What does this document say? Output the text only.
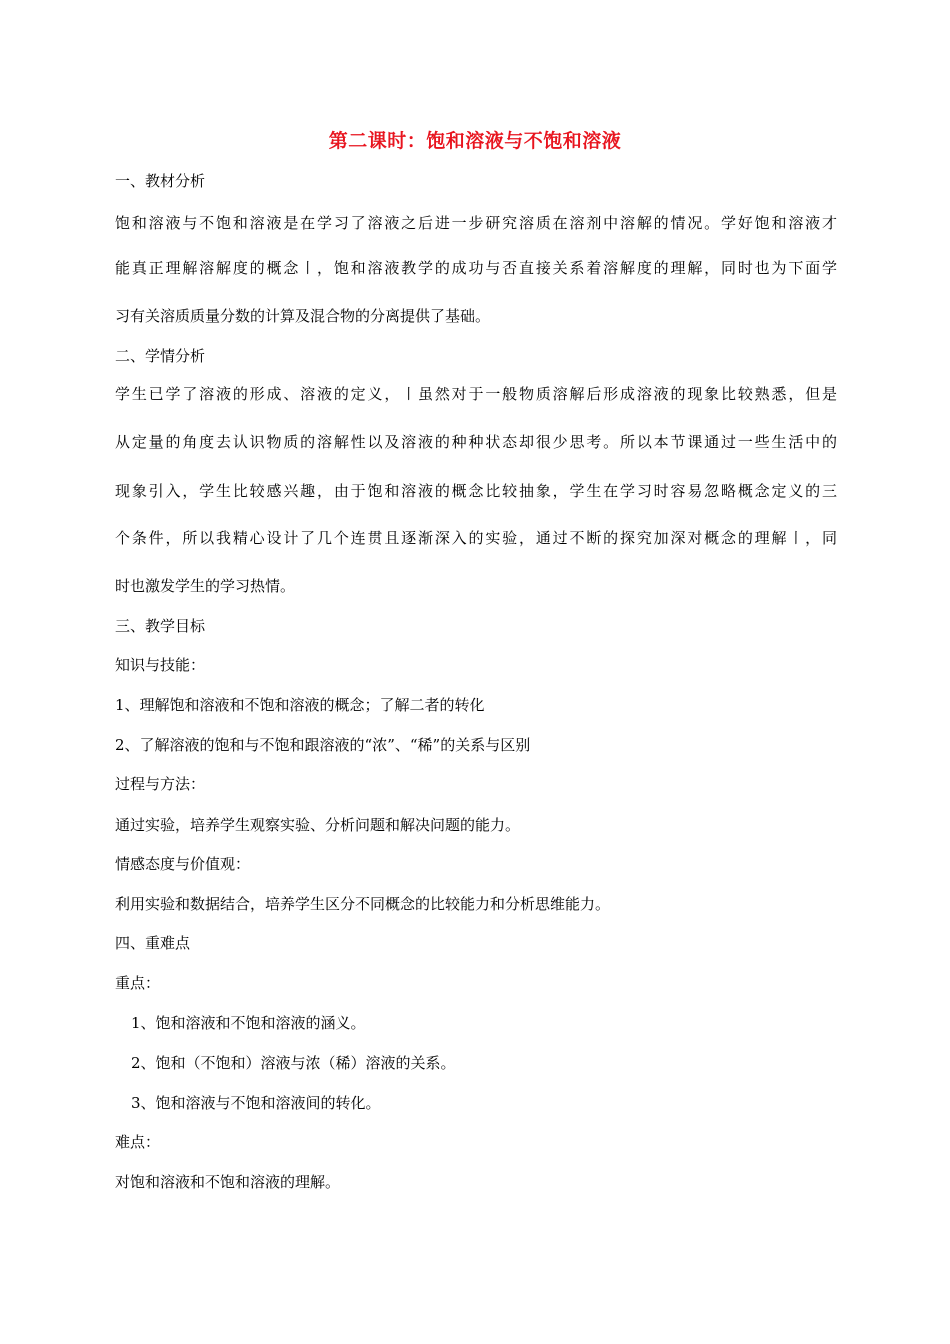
第二课时：饱和溶液与不饱和溶液
一、教材分析
饱和溶液与不饱和溶液是在学习了溶液之后进一步研究溶质在溶剂中溶解的情况。学好饱和溶液才
能真正理解溶解度的概念〡，饱和溶液教学的成功与否直接关系着溶解度的理解，同时也为下面学
习有关溶质质量分数的计算及混合物的分离提供了基础。
二、学情分析
学生已学了溶液的形成、溶液的定义，〡虽然对于一般物质溶解后形成溶液的现象比较熟悉，但是
从定量的角度去认识物质的溶解性以及溶液的种种状态却很少思考。所以本节课通过一些生活中的
现象引入，学生比较感兴趣，由于饱和溶液的概念比较抽象，学生在学习时容易忽略概念定义的三
个条件，所以我精心设计了几个连贯且逐渐深入的实验，通过不断的探究加深对概念的理解〡，同
时也激发学生的学习热情。
三、教学目标
知识与技能：
1、理解饱和溶液和不饱和溶液的概念；了解二者的转化
2、了解溶液的饱和与不饱和跟溶液的“浓”、“稀”的关系与区别
过程与方法：
通过实验，培养学生观察实验、分析问题和解决问题的能力。
情感态度与价值观：
利用实验和数据结合，培养学生区分不同概念的比较能力和分析思维能力。
四、重难点
重点：
1、饱和溶液和不饱和溶液的涵义。
2、饱和（不饱和）溶液与浓（稀）溶液的关系。
3、饱和溶液与不饱和溶液间的转化。
难点：
对饱和溶液和不饱和溶液的理解。
